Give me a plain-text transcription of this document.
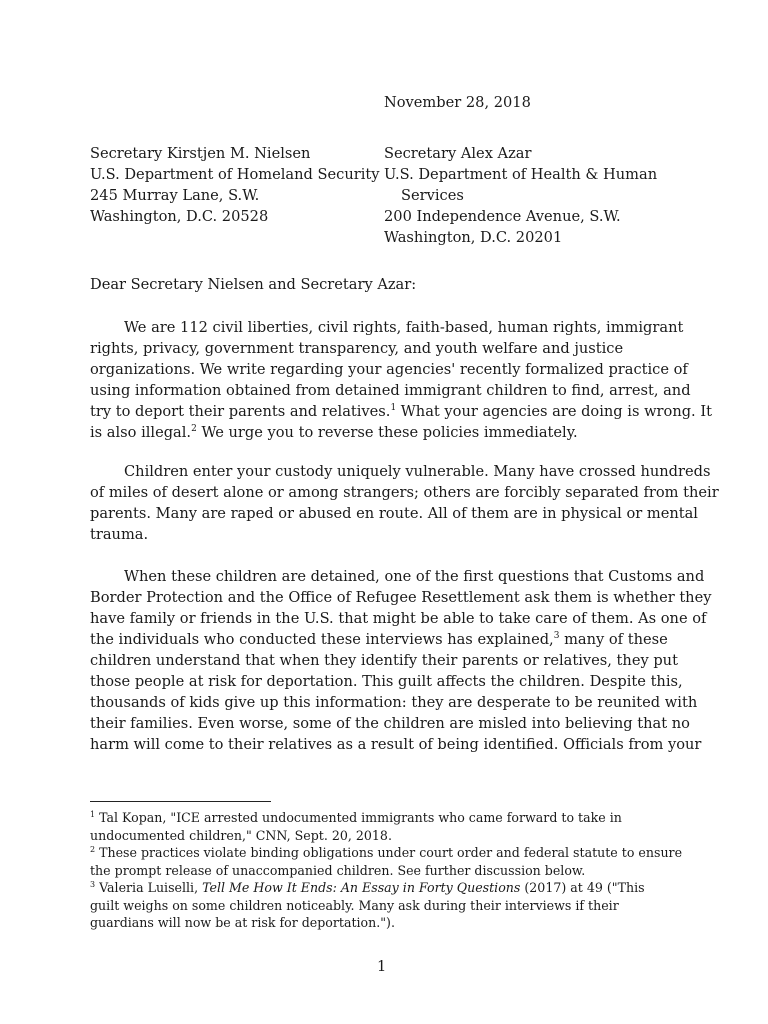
November 28, 2018
Secretary Kirstjen M. Nielsen
U.S. Department of Homeland Security
245 Murray Lane, S.W.
Washington, D.C. 20528
Secretary Alex Azar
U.S. Department of Health & Human
Services
200 Independence Avenue, S.W.
Washington, D.C. 20201
Dear Secretary Nielsen and Secretary Azar:
We are 112 civil liberties, civil rights, faith-based, human rights, immigrant
rights, privacy, government transparency, and youth welfare and justice
organizations. We write regarding your agencies' recently formalized practice of
using information obtained from detained immigrant children to find, arrest, and
try to deport their parents and relatives.$^1$ What your agencies are doing is wrong. It
is also illegal.$^2$ We urge you to reverse these policies immediately.
Children enter your custody uniquely vulnerable. Many have crossed hundreds
of miles of desert alone or among strangers; others are forcibly separated from their
parents. Many are raped or abused en route. All of them are in physical or mental
trauma.
When these children are detained, one of the first questions that Customs and
Border Protection and the Office of Refugee Resettlement ask them is whether they
have family or friends in the U.S. that might be able to take care of them. As one of
the individuals who conducted these interviews has explained,$^3$ many of these
children understand that when they identify their parents or relatives, they put
those people at risk for deportation. This guilt affects the children. Despite this,
thousands of kids give up this information: they are desperate to be reunited with
their families. Even worse, some of the children are misled into believing that no
harm will come to their relatives as a result of being identified. Officials from your
$^1$ Tal Kopan, "ICE arrested undocumented immigrants who came forward to take in
undocumented children," CNN, Sept. 20, 2018.
$^2$ These practices violate binding obligations under court order and federal statute to ensure
the prompt release of unaccompanied children. See further discussion below.
$^3$ Valeria Luiselli, Tell Me How It Ends: An Essay in Forty Questions (2017) at 49 ("This
guilt weighs on some children noticeably. Many ask during their interviews if their
guardians will now be at risk for deportation.").
1
